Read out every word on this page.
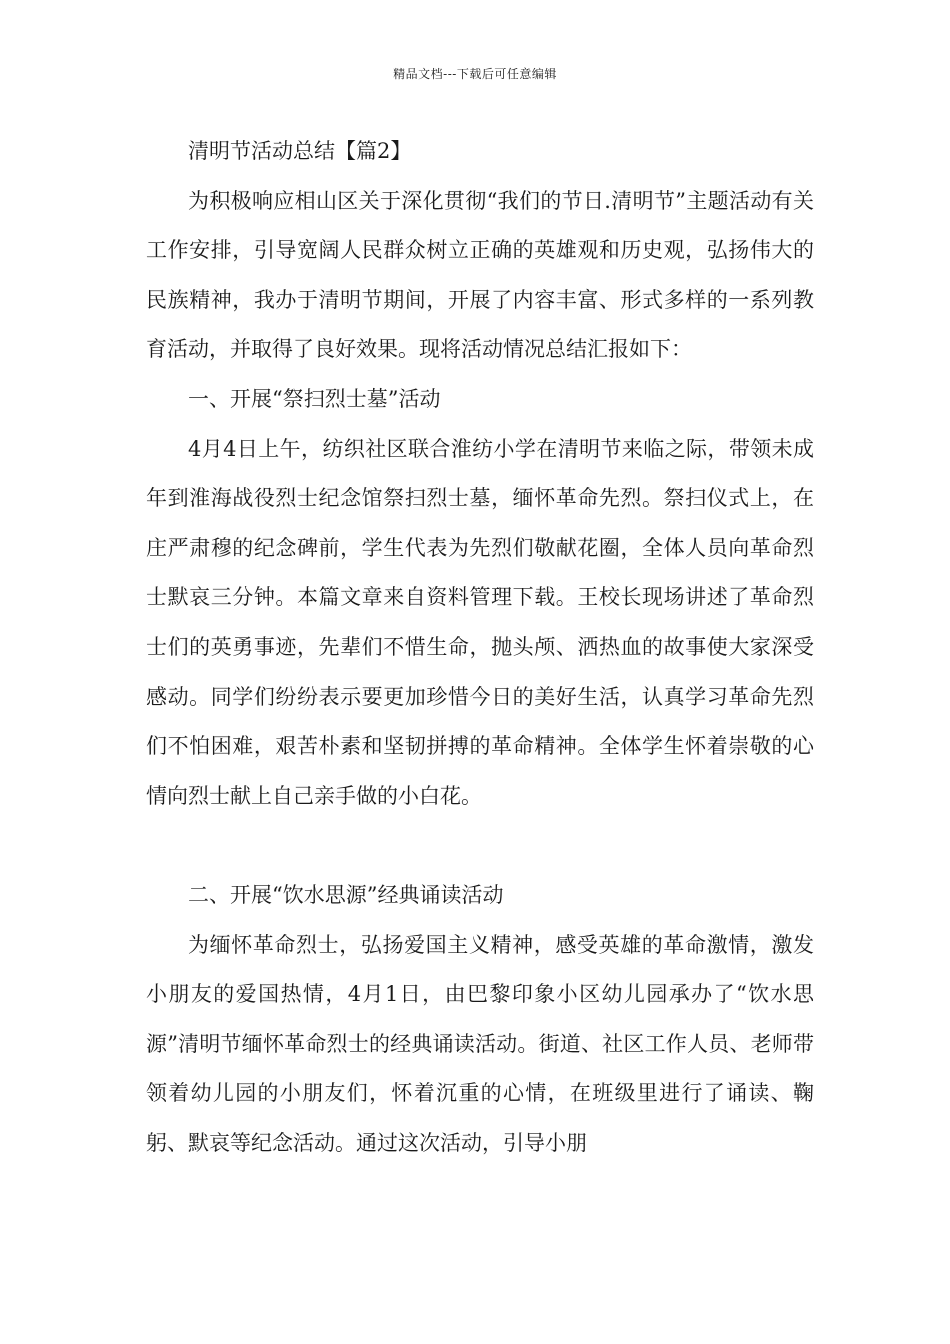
精品文档---下载后可任意编辑

清明节活动总结【篇2】

为积极响应相山区关于深化贯彻“我们的节日.清明节”主题活动有关工作安排，引导宽阔人民群众树立正确的英雄观和历史观，弘扬伟大的民族精神，我办于清明节期间，开展了内容丰富、形式多样的一系列教育活动，并取得了良好效果。现将活动情况总结汇报如下：

一、开展“祭扫烈士墓”活动

4月4日上午，纺织社区联合淮纺小学在清明节来临之际，带领未成年到淮海战役烈士纪念馆祭扫烈士墓，缅怀革命先烈。祭扫仪式上，在庄严肃穆的纪念碑前，学生代表为先烈们敬献花圈，全体人员向革命烈士默哀三分钟。本篇文章来自资料管理下载。王校长现场讲述了革命烈士们的英勇事迹，先辈们不惜生命，抛头颅、洒热血的故事使大家深受感动。同学们纷纷表示要更加珍惜今日的美好生活，认真学习革命先烈们不怕困难，艰苦朴素和坚韧拼搏的革命精神。全体学生怀着崇敬的心情向烈士献上自己亲手做的小白花。

二、开展“饮水思源”经典诵读活动

为缅怀革命烈士，弘扬爱国主义精神，感受英雄的革命激情，激发小朋友的爱国热情，4月1日，由巴黎印象小区幼儿园承办了“饮水思源”清明节缅怀革命烈士的经典诵读活动。街道、社区工作人员、老师带领着幼儿园的小朋友们，怀着沉重的心情，在班级里进行了诵读、鞠躬、默哀等纪念活动。通过这次活动，引导小朋
